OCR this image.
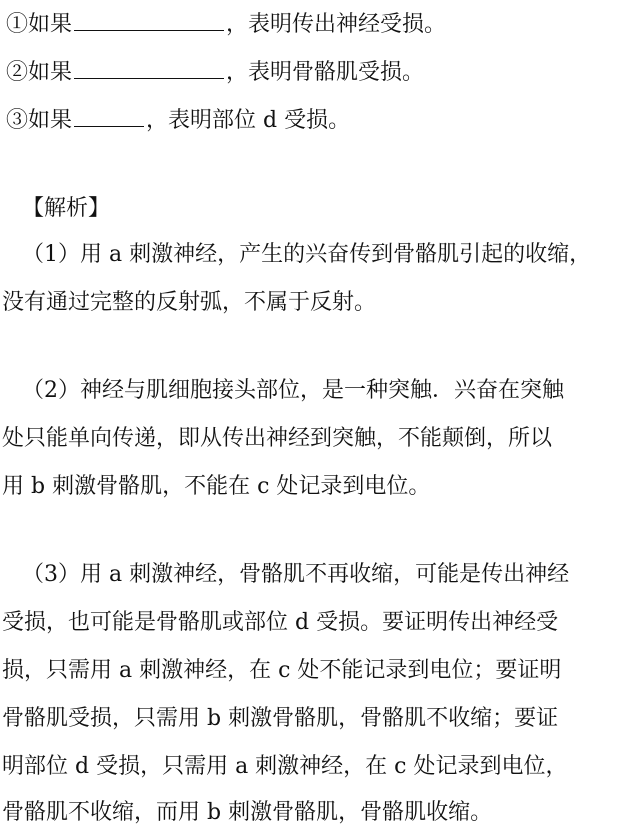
①如果	，表明传出神经受损。
②如果	，表明骨骼肌受损。
③如果	，表明部位 d 受损。
【解析】
（1）用 a 刺激神经，产生的兴奋传到骨骼肌引起的收缩，
没有通过完整的反射弧，不属于反射。
（2）神经与肌细胞接头部位，是一种突触．兴奋在突触
处只能单向传递，即从传出神经到突触，不能颠倒，所以
用 b 刺激骨骼肌，不能在 c 处记录到电位。
（3）用 a 刺激神经，骨骼肌不再收缩，可能是传出神经
受损，也可能是骨骼肌或部位 d 受损。要证明传出神经受
损，只需用 a 刺激神经，在 c 处不能记录到电位；要证明
骨骼肌受损，只需用 b 刺激骨骼肌，骨骼肌不收缩；要证
明部位 d 受损，只需用 a 刺激神经，在 c 处记录到电位，
骨骼肌不收缩，而用 b 刺激骨骼肌，骨骼肌收缩。
